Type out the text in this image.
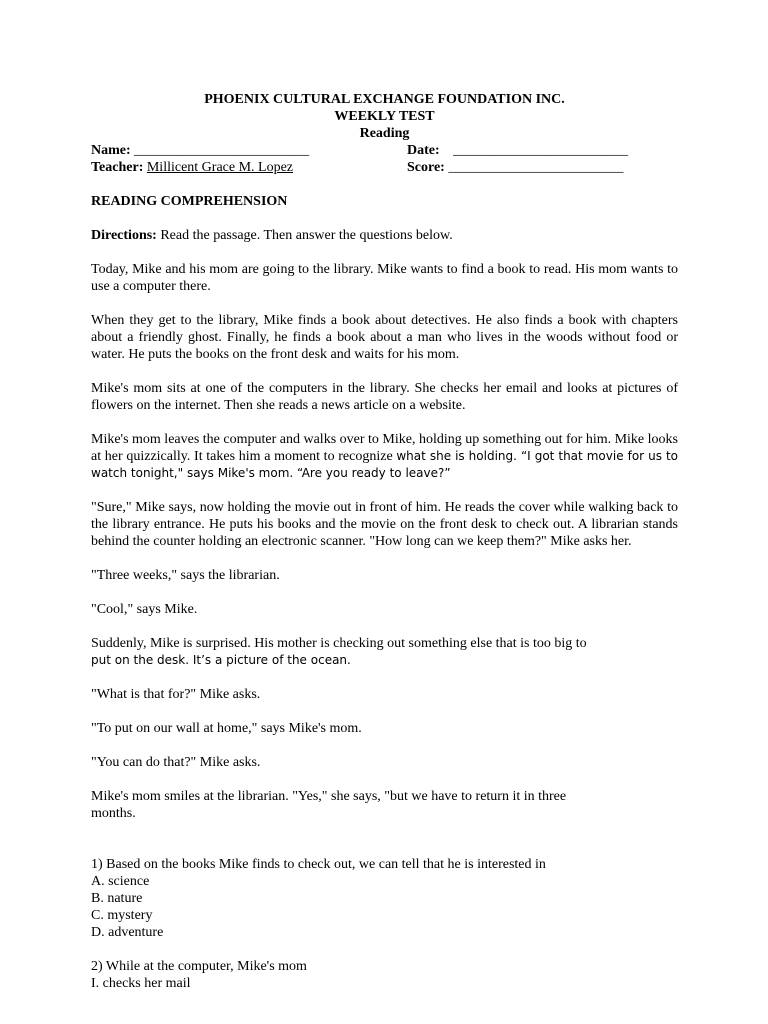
PHOENIX CULTURAL EXCHANGE FOUNDATION INC.
WEEKLY TEST
Reading
Name: _________________________	Date: _________________________
Teacher: Millicent Grace M. Lopez	Score: _________________________

READING COMPREHENSION

Directions: Read the passage. Then answer the questions below.

Today, Mike and his mom are going to the library. Mike wants to find a book to read. His mom wants to use a computer there.

When they get to the library, Mike finds a book about detectives. He also finds a book with chapters about a friendly ghost. Finally, he finds a book about a man who lives in the woods without food or water. He puts the books on the front desk and waits for his mom.

Mike's mom sits at one of the computers in the library. She checks her email and looks at pictures of flowers on the internet. Then she reads a news article on a website.

Mike's mom leaves the computer and walks over to Mike, holding up something out for him. Mike looks at her quizzically. It takes him a moment to recognize what she is holding. “I got that movie for us to watch tonight," says Mike's mom. “Are you ready to leave?”

"Sure," Mike says, now holding the movie out in front of him. He reads the cover while walking back to the library entrance. He puts his books and the movie on the front desk to check out. A librarian stands behind the counter holding an electronic scanner. "How long can we keep them?" Mike asks her.

"Three weeks," says the librarian.

"Cool," says Mike.

Suddenly, Mike is surprised. His mother is checking out something else that is too big to
put on the desk. It’s a picture of the ocean.

"What is that for?" Mike asks.

"To put on our wall at home," says Mike's mom.

"You can do that?" Mike asks.

Mike's mom smiles at the librarian. "Yes," she says, "but we have to return it in three
months.

1) Based on the books Mike finds to check out, we can tell that he is interested in
A. science
B. nature
C. mystery
D. adventure
2) While at the computer, Mike's mom
I. checks her mail
